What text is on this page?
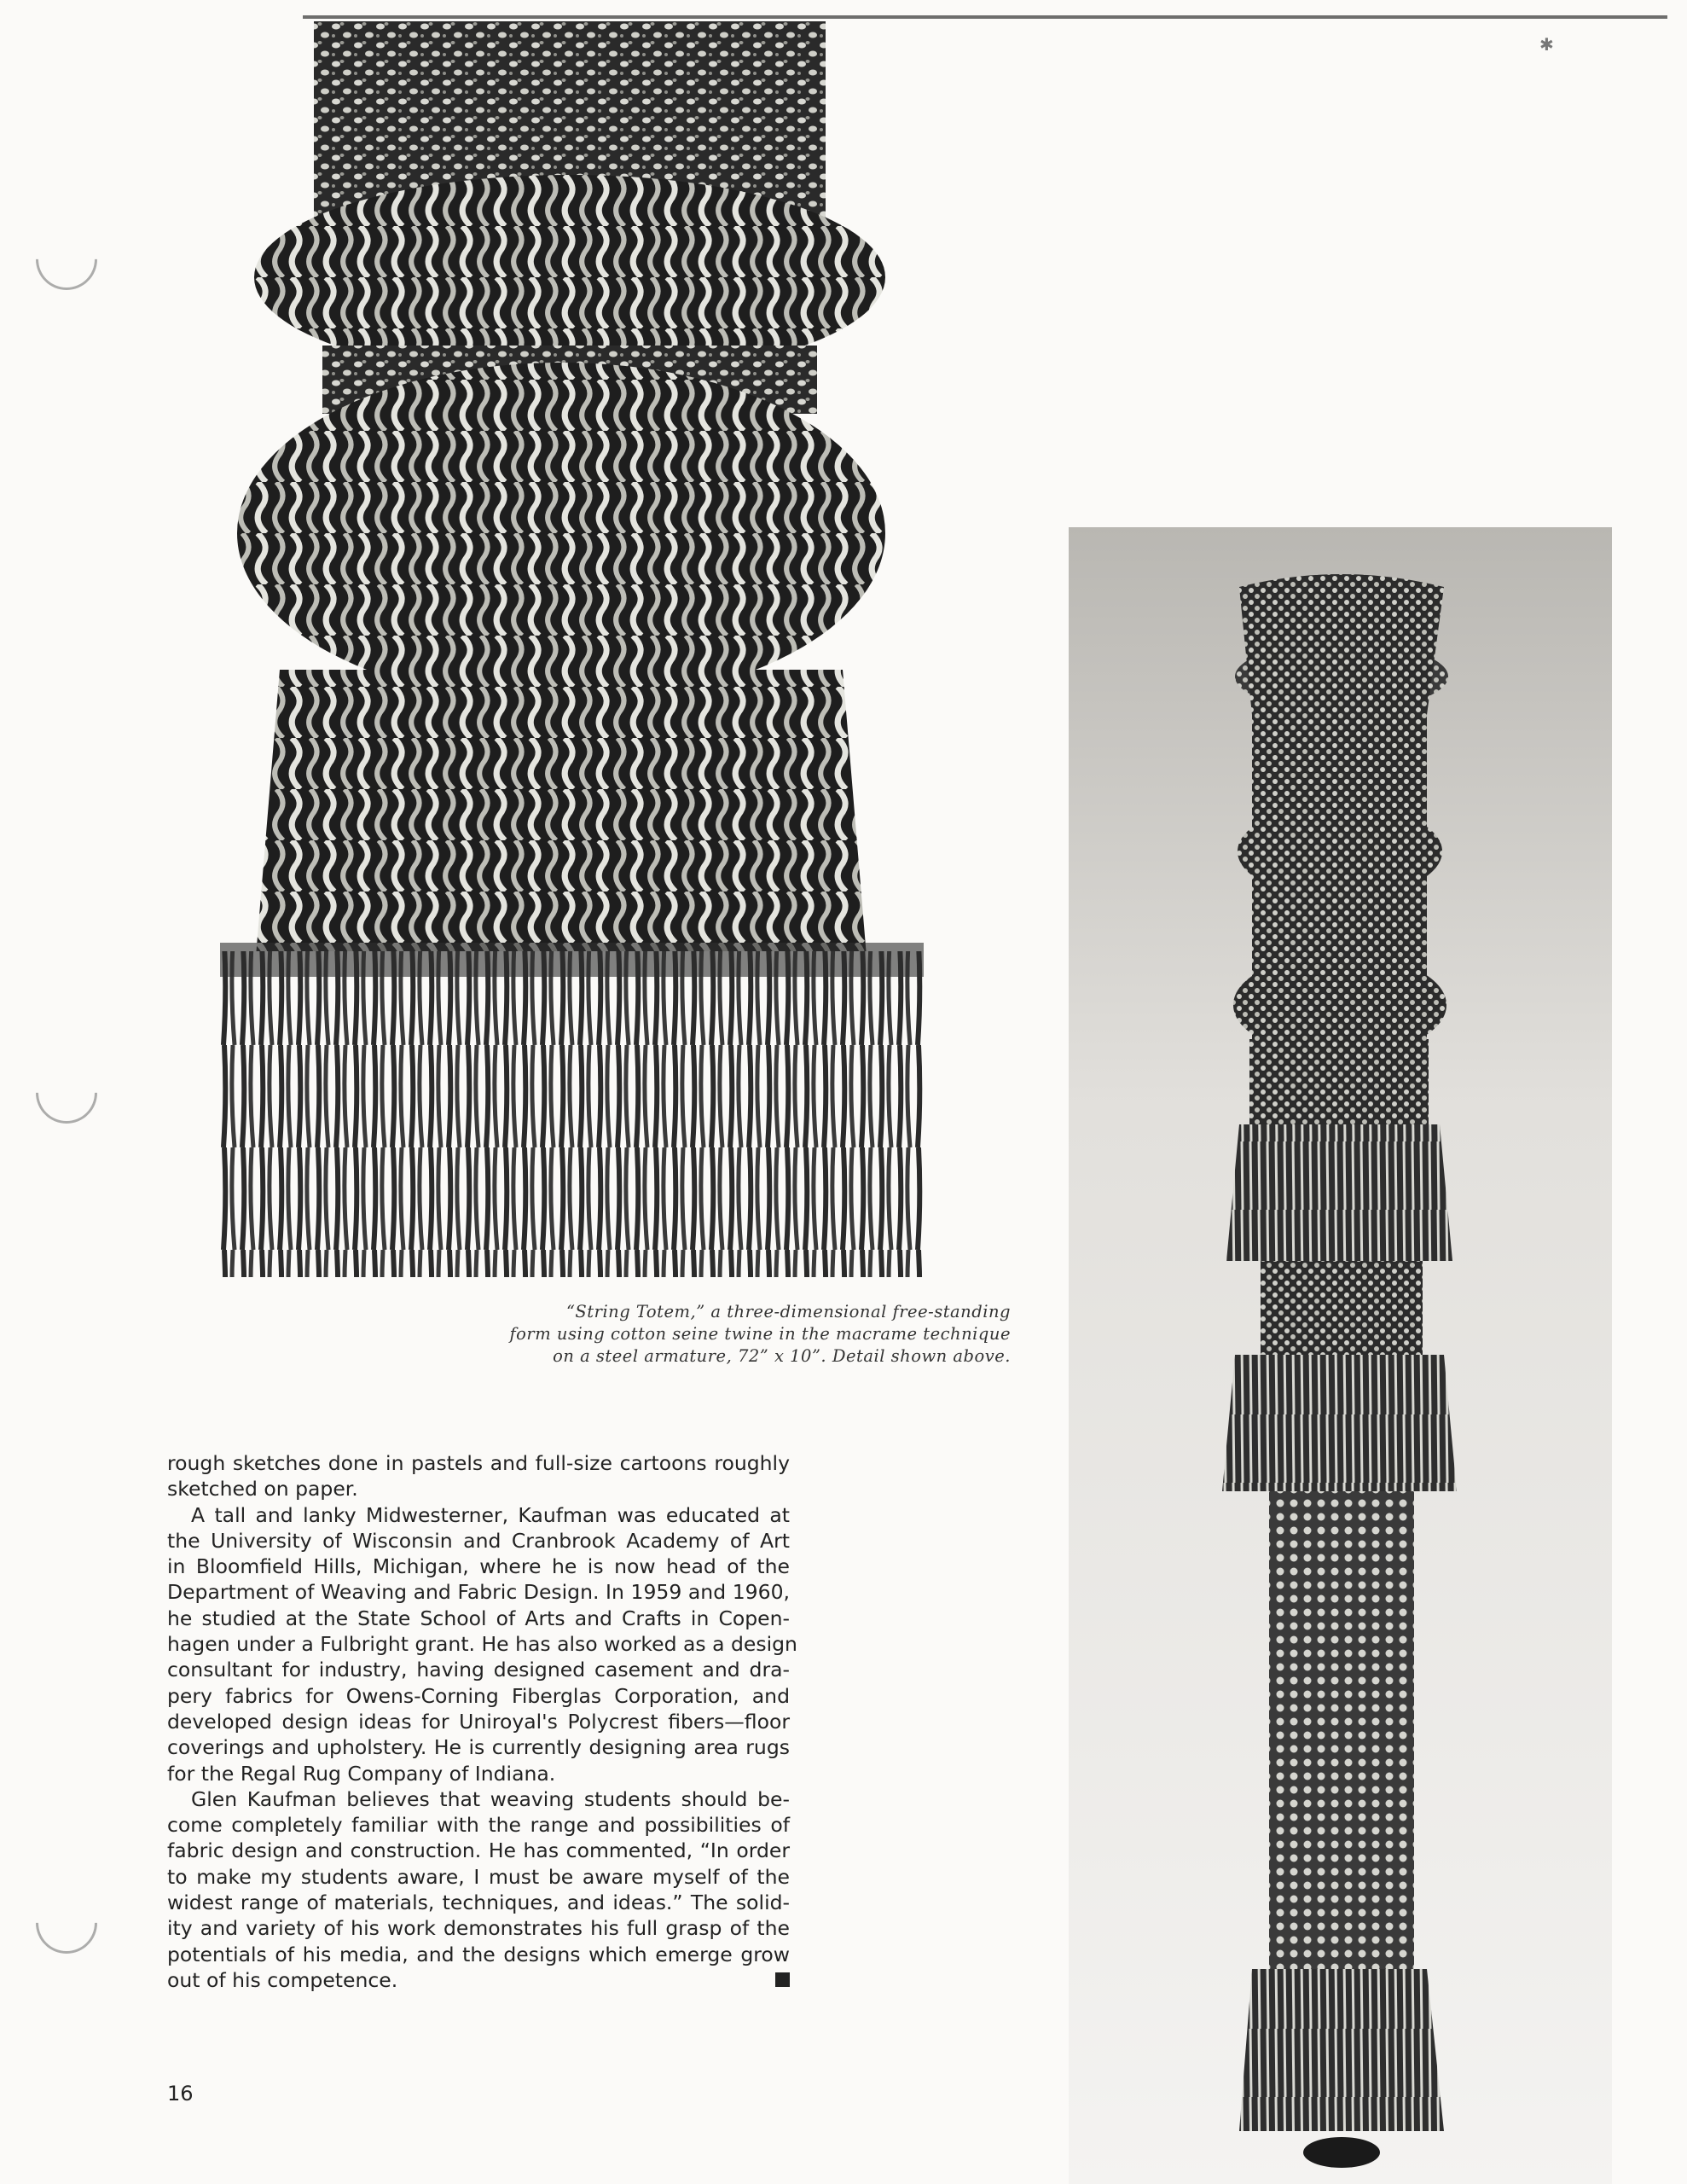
✱
“String Totem,” a three-dimensional free-standing
form using cotton seine twine in the macrame technique
on a steel armature, 72” x 10”. Detail shown above.

rough sketches done in pastels and full-size cartoons roughly
sketched on paper.

A tall and lanky Midwesterner, Kaufman was educated at
the University of Wisconsin and Cranbrook Academy of Art
in Bloomfield Hills, Michigan, where he is now head of the
Department of Weaving and Fabric Design. In 1959 and 1960,
he studied at the State School of Arts and Crafts in Copen-
hagen under a Fulbright grant. He has also worked as a design
consultant for industry, having designed casement and dra-
pery fabrics for Owens-Corning Fiberglas Corporation, and
developed design ideas for Uniroyal's Polycrest fibers—floor
coverings and upholstery. He is currently designing area rugs
for the Regal Rug Company of Indiana.

Glen Kaufman believes that weaving students should be-
come completely familiar with the range and possibilities of
fabric design and construction. He has commented, “In order
to make my students aware, I must be aware myself of the
widest range of materials, techniques, and ideas.” The solid-
ity and variety of his work demonstrates his full grasp of the
potentials of his media, and the designs which emerge grow
out of his competence.

16
